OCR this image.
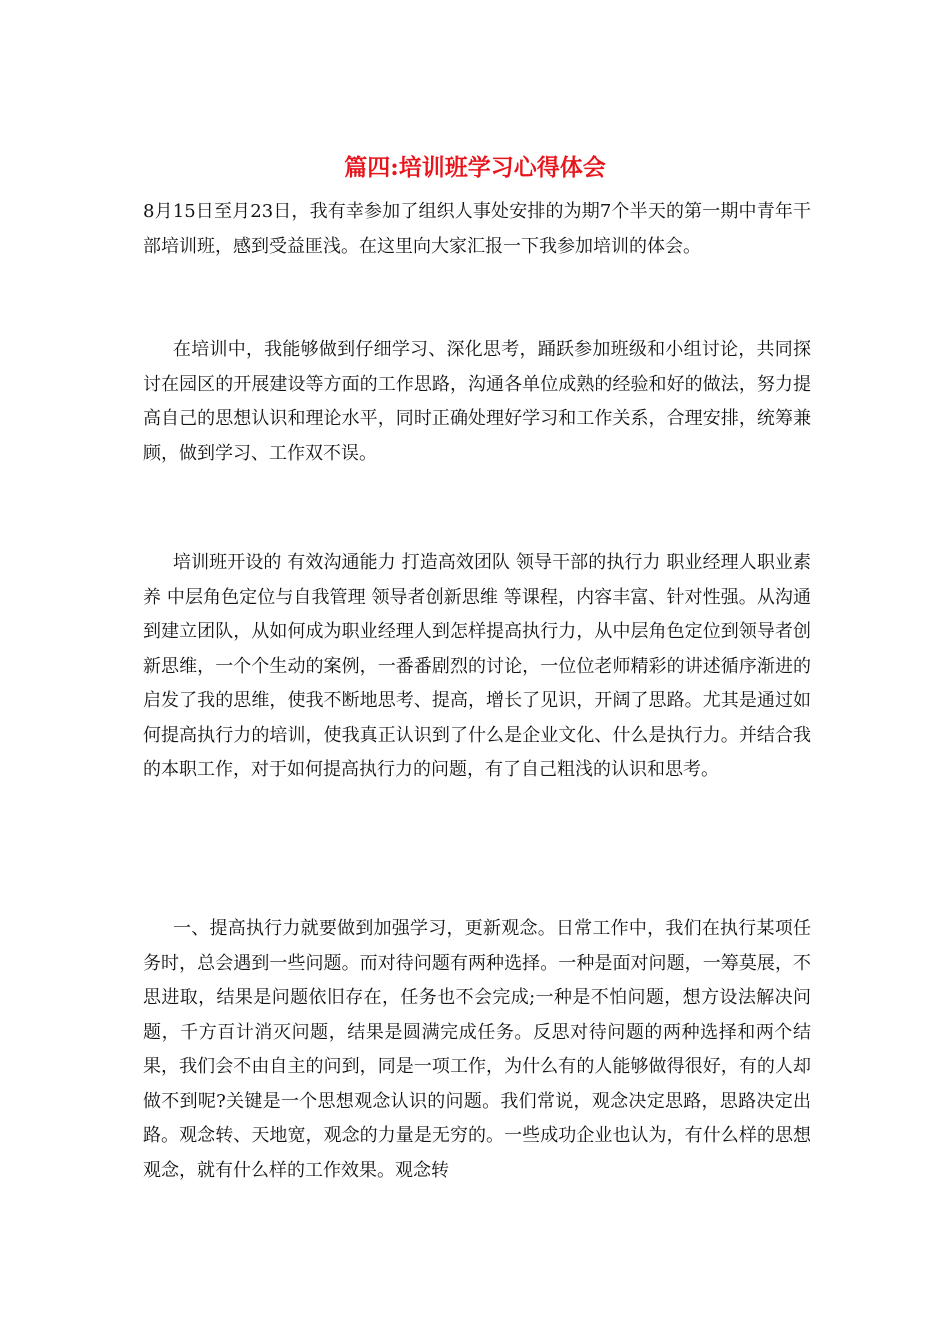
篇四:培训班学习心得体会

8月15日至月23日，我有幸参加了组织人事处安排的为期7个半天的第一期中青年干部培训班，感到受益匪浅。在这里向大家汇报一下我参加培训的体会。

在培训中，我能够做到仔细学习、深化思考，踊跃参加班级和小组讨论，共同探讨在园区的开展建设等方面的工作思路，沟通各单位成熟的经验和好的做法，努力提高自己的思想认识和理论水平，同时正确处理好学习和工作关系，合理安排，统筹兼顾，做到学习、工作双不误。

培训班开设的 有效沟通能力 打造高效团队 领导干部的执行力 职业经理人职业素养 中层角色定位与自我管理 领导者创新思维 等课程，内容丰富、针对性强。从沟通到建立团队，从如何成为职业经理人到怎样提高执行力，从中层角色定位到领导者创新思维，一个个生动的案例，一番番剧烈的讨论，一位位老师精彩的讲述循序渐进的启发了我的思维，使我不断地思考、提高，增长了见识，开阔了思路。尤其是通过如何提高执行力的培训，使我真正认识到了什么是企业文化、什么是执行力。并结合我的本职工作，对于如何提高执行力的问题，有了自己粗浅的认识和思考。

一、提高执行力就要做到加强学习，更新观念。日常工作中，我们在执行某项任务时，总会遇到一些问题。而对待问题有两种选择。一种是面对问题，一筹莫展，不思进取，结果是问题依旧存在，任务也不会完成;一种是不怕问题，想方设法解决问题，千方百计消灭问题，结果是圆满完成任务。反思对待问题的两种选择和两个结果，我们会不由自主的问到，同是一项工作，为什么有的人能够做得很好，有的人却做不到呢?关键是一个思想观念认识的问题。我们常说，观念决定思路，思路决定出路。观念转、天地宽，观念的力量是无穷的。一些成功企业也认为，有什么样的思想观念，就有什么样的工作效果。观念转
